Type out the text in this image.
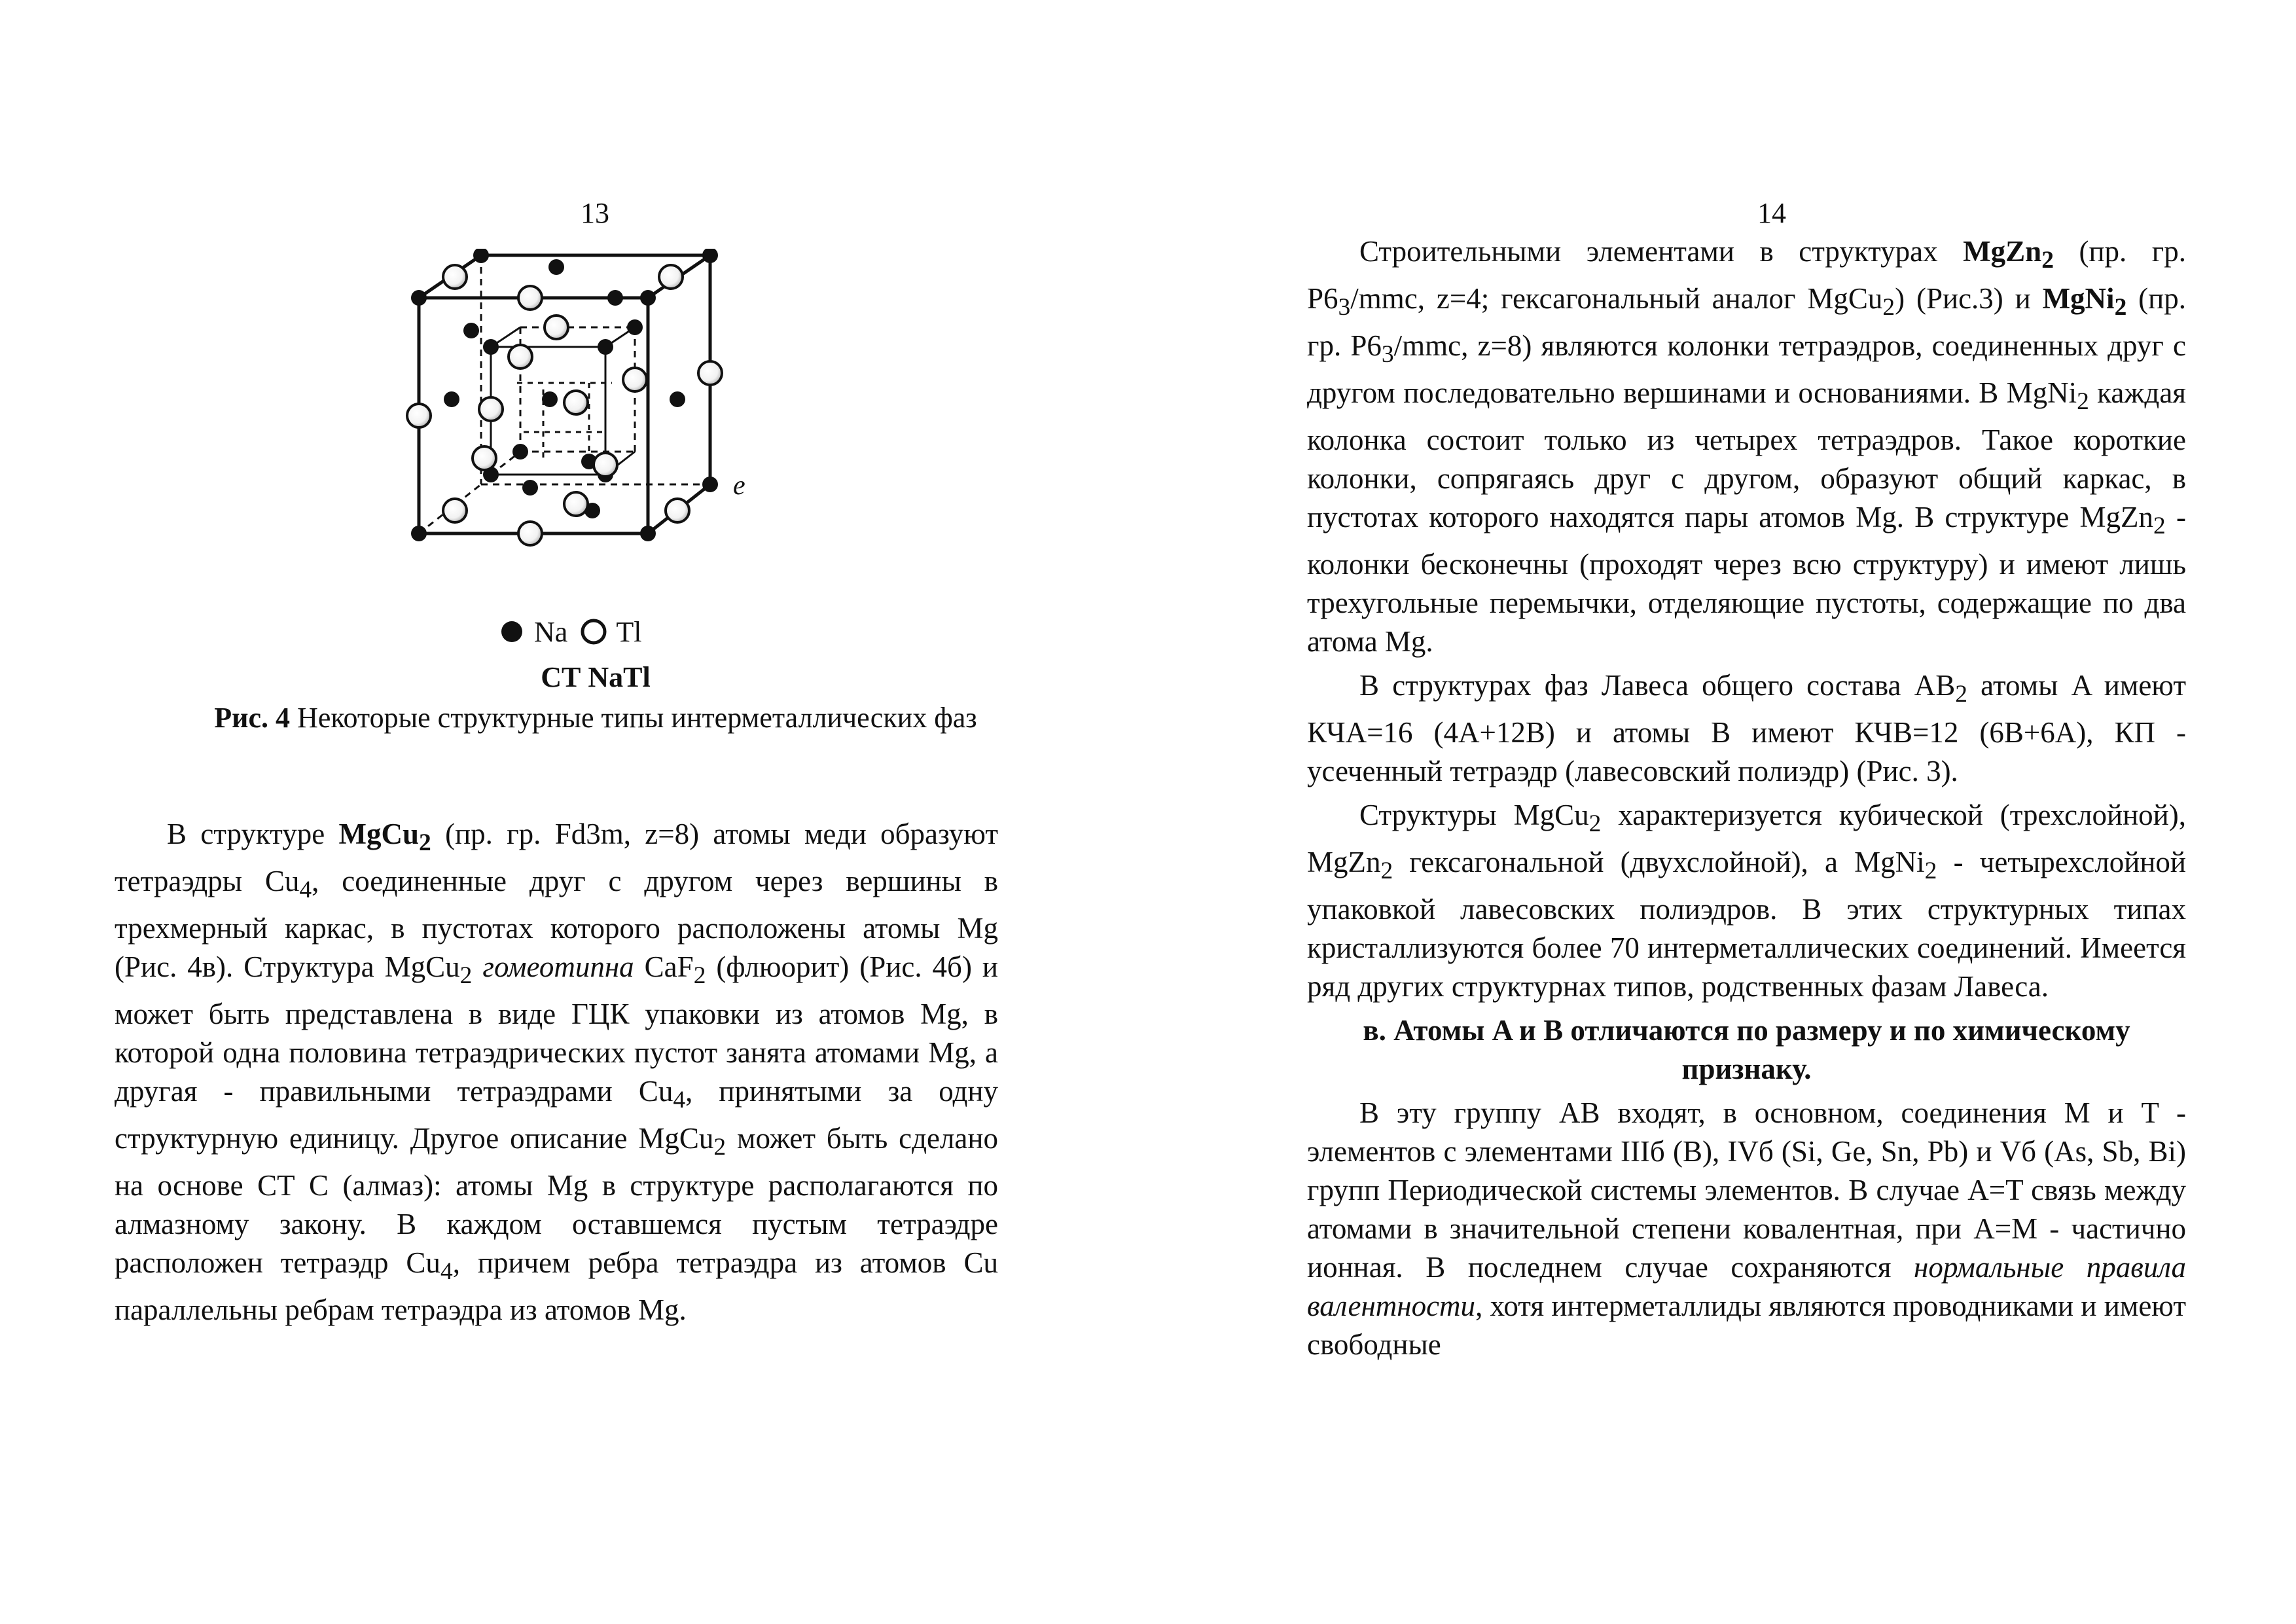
13
e
Na Tl
СТ NaTl
Рис. 4 Некоторые структурные типы интерметаллических фаз

В структуре MgCu$_2$ (пр. гр. Fd3m, z=8) атомы меди образуют тетраэдры $Cu_4$, соединенные друг с другом через вершины в трехмерный каркас, в пустотах которого расположены атомы Mg (Рис. 4в). Структура MgCu$_2$ гомеотипна CaF$_2$ (флюорит) (Рис. 4б) и может быть представлена в виде ГЦК упаковки из атомов Mg, в которой одна половина тетраэдрических пустот занята атомами Mg, а другая - правильными тетраэдрами $Cu_4$, принятыми за одну структурную единицу. Другое описание MgCu$_2$ может быть сделано на основе СТ С (алмаз): атомы Mg в структуре располагаются по алмазному закону. В каждом оставшемся пустым тетраэдре расположен тетраэдр $Cu_4$, причем ребра тетраэдра из атомов Cu параллельны ребрам тетраэдра из атомов Mg.

14

Строительными элементами в структурах MgZn$_2$ (пр. гр. $P6_3$/mmc, z=4; гексагональный аналог MgCu$_2$) (Рис.3) и MgNi$_2$ (пр. гр. $P6_3$/mmc, z=8) являются колонки тетраэдров, соединенных друг с другом последовательно вершинами и основаниями. В MgNi$_2$ каждая колонка состоит только из четырех тетраэдров. Такое короткие колонки, сопрягаясь друг с другом, образуют общий каркас, в пустотах которого находятся пары атомов Mg. В структуре MgZn$_2$ - колонки бесконечны (проходят через всю структуру) и имеют лишь трехугольные перемычки, отделяющие пустоты, содержащие по два атома Mg.

В структурах фаз Лавеса общего состава $AB_2$ атомы A имеют КЧА=16 (4A+12B) и атомы B имеют КЧВ=12 (6B+6A), КП - усеченный тетраэдр (лавесовский полиэдр) (Рис. 3).

Структуры MgCu$_2$ характеризуется кубической (трехслойной), MgZn$_2$ гексагональной (двухслойной), а MgNi$_2$ - четырехслойной упаковкой лавесовских полиэдров. В этих структурных типах кристаллизуются более 70 интерметаллических соединений. Имеется ряд других структурнах типов, родственных фазам Лавеса.

в. Атомы A и B отличаются по размеру и по химическому признаку.

В эту группу AB входят, в основном, соединения M и T - элементов с элементами IIIб (B), IVб (Si, Ge, Sn, Pb) и Vб (As, Sb, Bi) групп Периодической системы элементов. В случае A=T связь между атомами в значительной степени ковалентная, при A=M - частично ионная. В последнем случае сохраняются нормальные правила валентности, хотя интерметаллиды являются проводниками и имеют свободные
